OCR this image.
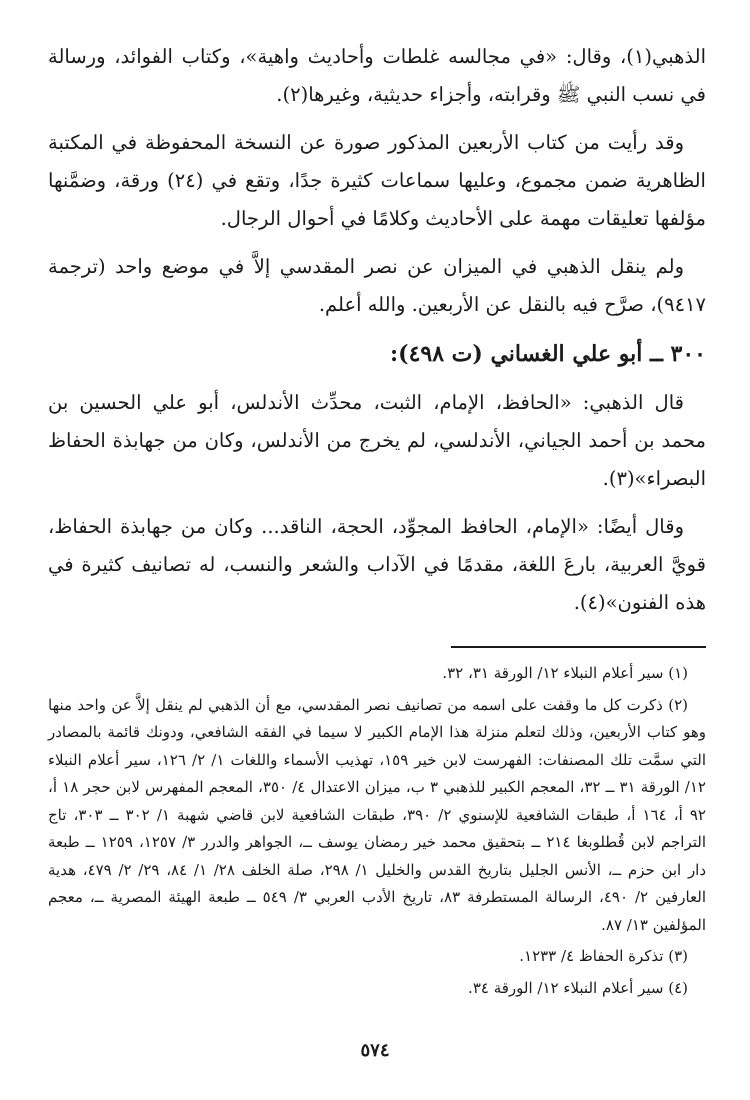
الذهبي(١)، وقال: «في مجالسه غلطات وأحاديث واهية»، وكتاب الفوائد، ورسالة في نسب النبي ﷺ وقرابته، وأجزاء حديثية، وغيرها(٢).

وقد رأيت من كتاب الأربعين المذكور صورة عن النسخة المحفوظة في المكتبة الظاهرية ضمن مجموع، وعليها سماعات كثيرة جدًا، وتقع في (٢٤) ورقة، وضمَّنها مؤلفها تعليقات مهمة على الأحاديث وكلامًا في أحوال الرجال.

ولم ينقل الذهبي في الميزان عن نصر المقدسي إلاَّ في موضع واحد (ترجمة ٩٤١٧)، صرَّح فيه بالنقل عن الأربعين. والله أعلم.

٣٠٠ ــ أبو علي الغساني (ت ٤٩٨):

قال الذهبي: «الحافظ، الإمام، الثبت، محدِّث الأندلس، أبو علي الحسين بن محمد بن أحمد الجياني، الأندلسي، لم يخرج من الأندلس، وكان من جهابذة الحفاظ البصراء»(٣).

وقال أيضًا: «الإمام، الحافظ المجوِّد، الحجة، الناقد... وكان من جهابذة الحفاظ، قويَّ العربية، بارعَ اللغة، مقدمًا في الآداب والشعر والنسب، له تصانيف كثيرة في هذه الفنون»(٤).

(١) سير أعلام النبلاء ١٢/ الورقة ٣١، ٣٢.

(٢) ذكرت كل ما وقفت على اسمه من تصانيف نصر المقدسي، مع أن الذهبي لم ينقل إلاَّ عن واحد منها وهو كتاب الأربعين، وذلك لتعلم منزلة هذا الإمام الكبير لا سيما في الفقه الشافعي، ودونك قائمة بالمصادر التي سمَّت تلك المصنفات: الفهرست لابن خير ١٥٩، تهذيب الأسماء واللغات ١/ ٢/ ١٢٦، سير أعلام النبلاء ١٢/ الورقة ٣١ ــ ٣٢، المعجم الكبير للذهبي ٣ ب، ميزان الاعتدال ٤/ ٣٥٠، المعجم المفهرس لابن حجر ١٨ أ، ٩٢ أ، ١٦٤ أ، طبقات الشافعية للإسنوي ٢/ ٣٩٠، طبقات الشافعية لابن قاضي شهبة ١/ ٣٠٢ ــ ٣٠٣، تاج التراجم لابن قُطلوبغا ٢١٤ ــ بتحقيق محمد خير رمضان يوسف ــ، الجواهر والدرر ٣/ ١٢٥٧، ١٢٥٩ ــ طبعة دار ابن حزم ــ، الأنس الجليل بتاريخ القدس والخليل ١/ ٢٩٨، صلة الخلف ٢٨/ ١/ ٨٤، ٢٩/ ٢/ ٤٧٩، هدية العارفين ٢/ ٤٩٠، الرسالة المستطرفة ٨٣، تاريخ الأدب العربي ٣/ ٥٤٩ ــ طبعة الهيئة المصرية ــ، معجم المؤلفين ١٣/ ٨٧.

(٣) تذكرة الحفاظ ٤/ ١٢٣٣.

(٤) سير أعلام النبلاء ١٢/ الورقة ٣٤.

٥٧٤
